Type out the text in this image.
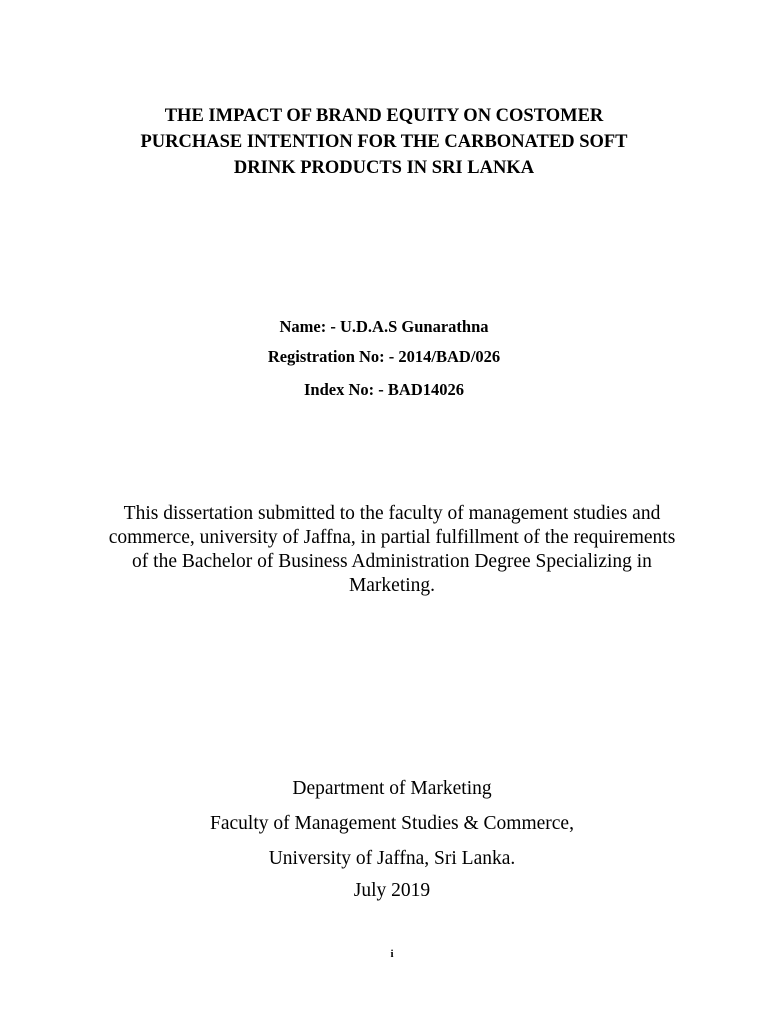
THE IMPACT OF BRAND EQUITY ON COSTOMER
PURCHASE INTENTION FOR THE CARBONATED SOFT
DRINK PRODUCTS IN SRI LANKA
Name: - U.D.A.S Gunarathna
Registration No: - 2014/BAD/026
Index No: - BAD14026
This dissertation submitted to the faculty of management studies and
commerce, university of Jaffna, in partial fulfillment of the requirements
of the Bachelor of Business Administration Degree Specializing in
Marketing.
Department of Marketing
Faculty of Management Studies & Commerce,
University of Jaffna, Sri Lanka.
July 2019
i
